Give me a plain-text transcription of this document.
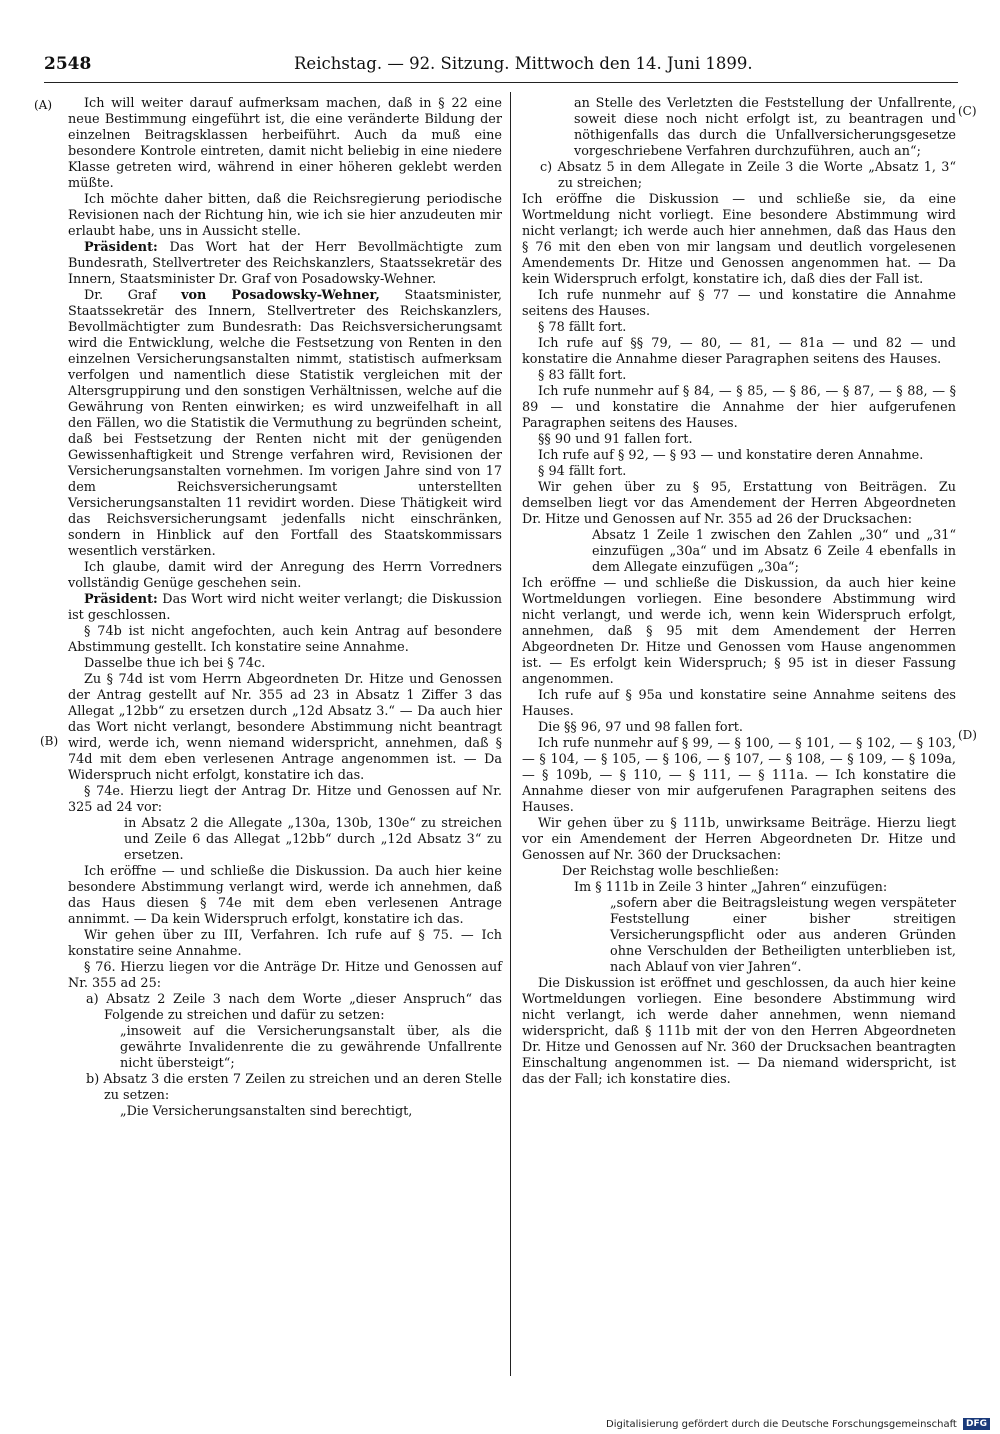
2548	Reichstag. — 92. Sitzung. Mittwoch den 14. Juni 1899.
(A)
(B)
(C)
(D)

Ich will weiter darauf aufmerksam machen, daß in § 22 eine neue Bestimmung eingeführt ist, die eine veränderte Bildung der einzelnen Beitragsklassen herbeiführt. Auch da muß eine besondere Kontrole eintreten, damit nicht beliebig in eine niedere Klasse getreten wird, während in einer höheren geklebt werden müßte.

Ich möchte daher bitten, daß die Reichsregierung periodische Revisionen nach der Richtung hin, wie ich sie hier anzudeuten mir erlaubt habe, uns in Aussicht stelle.

Präsident: Das Wort hat der Herr Bevollmächtigte zum Bundesrath, Stellvertreter des Reichskanzlers, Staatssekretär des Innern, Staatsminister Dr. Graf von Posadowsky-Wehner.

Dr. Graf von Posadowsky-Wehner, Staatsminister, Staatssekretär des Innern, Stellvertreter des Reichskanzlers, Bevollmächtigter zum Bundesrath: Das Reichsversicherungsamt wird die Entwicklung, welche die Festsetzung von Renten in den einzelnen Versicherungsanstalten nimmt, statistisch aufmerksam verfolgen und namentlich diese Statistik vergleichen mit der Altersgruppirung und den sonstigen Verhältnissen, welche auf die Gewährung von Renten einwirken; es wird unzweifelhaft in all den Fällen, wo die Statistik die Vermuthung zu begründen scheint, daß bei Festsetzung der Renten nicht mit der genügenden Gewissenhaftigkeit und Strenge verfahren wird, Revisionen der Versicherungsanstalten vornehmen. Im vorigen Jahre sind von 17 dem Reichsversicherungsamt unterstellten Versicherungsanstalten 11 revidirt worden. Diese Thätigkeit wird das Reichsversicherungsamt jedenfalls nicht einschränken, sondern in Hinblick auf den Fortfall des Staatskommissars wesentlich verstärken.

Ich glaube, damit wird der Anregung des Herrn Vorredners vollständig Genüge geschehen sein.

Präsident: Das Wort wird nicht weiter verlangt; die Diskussion ist geschlossen.

§ 74b ist nicht angefochten, auch kein Antrag auf besondere Abstimmung gestellt. Ich konstatire seine Annahme.

Dasselbe thue ich bei § 74c.

Zu § 74d ist vom Herrn Abgeordneten Dr. Hitze und Genossen der Antrag gestellt auf Nr. 355 ad 23 in Absatz 1 Ziffer 3 das Allegat „12bb“ zu ersetzen durch „12d Absatz 3.“ — Da auch hier das Wort nicht verlangt, besondere Abstimmung nicht beantragt wird, werde ich, wenn niemand widerspricht, annehmen, daß § 74d mit dem eben verlesenen Antrage angenommen ist. — Da Widerspruch nicht erfolgt, konstatire ich das.

§ 74e. Hierzu liegt der Antrag Dr. Hitze und Genossen auf Nr. 325 ad 24 vor:

in Absatz 2 die Allegate „130a, 130b, 130e“ zu streichen und Zeile 6 das Allegat „12bb“ durch „12d Absatz 3“ zu ersetzen.

Ich eröffne — und schließe die Diskussion. Da auch hier keine besondere Abstimmung verlangt wird, werde ich annehmen, daß das Haus diesen § 74e mit dem eben verlesenen Antrage annimmt. — Da kein Widerspruch erfolgt, konstatire ich das.

Wir gehen über zu III, Verfahren. Ich rufe auf § 75. — Ich konstatire seine Annahme.

§ 76. Hierzu liegen vor die Anträge Dr. Hitze und Genossen auf Nr. 355 ad 25:

a) Absatz 2 Zeile 3 nach dem Worte „dieser Anspruch“ das Folgende zu streichen und dafür zu setzen:

„insoweit auf die Versicherungsanstalt über, als die gewährte Invalidenrente die zu gewährende Unfallrente nicht übersteigt“;

b) Absatz 3 die ersten 7 Zeilen zu streichen und an deren Stelle zu setzen:

„Die Versicherungsanstalten sind berechtigt,

an Stelle des Verletzten die Feststellung der Unfallrente, soweit diese noch nicht erfolgt ist, zu beantragen und nöthigenfalls das durch die Unfallversicherungsgesetze vorgeschriebene Verfahren durchzuführen, auch an“;

c) Absatz 5 in dem Allegate in Zeile 3 die Worte „Absatz 1, 3“ zu streichen;

Ich eröffne die Diskussion — und schließe sie, da eine Wortmeldung nicht vorliegt. Eine besondere Abstimmung wird nicht verlangt; ich werde auch hier annehmen, daß das Haus den § 76 mit den eben von mir langsam und deutlich vorgelesenen Amendements Dr. Hitze und Genossen angenommen hat. — Da kein Widerspruch erfolgt, konstatire ich, daß dies der Fall ist.

Ich rufe nunmehr auf § 77 — und konstatire die Annahme seitens des Hauses.

§ 78 fällt fort.

Ich rufe auf §§ 79, — 80, — 81, — 81a — und 82 — und konstatire die Annahme dieser Paragraphen seitens des Hauses.

§ 83 fällt fort.

Ich rufe nunmehr auf § 84, — § 85, — § 86, — § 87, — § 88, — § 89 — und konstatire die Annahme der hier aufgerufenen Paragraphen seitens des Hauses.

§§ 90 und 91 fallen fort.

Ich rufe auf § 92, — § 93 — und konstatire deren Annahme.

§ 94 fällt fort.

Wir gehen über zu § 95, Erstattung von Beiträgen. Zu demselben liegt vor das Amendement der Herren Abgeordneten Dr. Hitze und Genossen auf Nr. 355 ad 26 der Drucksachen:

Absatz 1 Zeile 1 zwischen den Zahlen „30“ und „31“ einzufügen „30a“ und im Absatz 6 Zeile 4 ebenfalls in dem Allegate einzufügen „30a“;

Ich eröffne — und schließe die Diskussion, da auch hier keine Wortmeldungen vorliegen. Eine besondere Abstimmung wird nicht verlangt, und werde ich, wenn kein Widerspruch erfolgt, annehmen, daß § 95 mit dem Amendement der Herren Abgeordneten Dr. Hitze und Genossen vom Hause angenommen ist. — Es erfolgt kein Widerspruch; § 95 ist in dieser Fassung angenommen.

Ich rufe auf § 95a und konstatire seine Annahme seitens des Hauses.

Die §§ 96, 97 und 98 fallen fort.

Ich rufe nunmehr auf § 99, — § 100, — § 101, — § 102, — § 103, — § 104, — § 105, — § 106, — § 107, — § 108, — § 109, — § 109a, — § 109b, — § 110, — § 111, — § 111a. — Ich konstatire die Annahme dieser von mir aufgerufenen Paragraphen seitens des Hauses.

Wir gehen über zu § 111b, unwirksame Beiträge. Hierzu liegt vor ein Amendement der Herren Abgeordneten Dr. Hitze und Genossen auf Nr. 360 der Drucksachen:

Der Reichstag wolle beschließen:

Im § 111b in Zeile 3 hinter „Jahren“ einzufügen:

„sofern aber die Beitragsleistung wegen verspäteter Feststellung einer bisher streitigen Versicherungspflicht oder aus anderen Gründen ohne Verschulden der Betheiligten unterblieben ist, nach Ablauf von vier Jahren“.

Die Diskussion ist eröffnet und geschlossen, da auch hier keine Wortmeldungen vorliegen. Eine besondere Abstimmung wird nicht verlangt, ich werde daher annehmen, wenn niemand widerspricht, daß § 111b mit der von den Herren Abgeordneten Dr. Hitze und Genossen auf Nr. 360 der Drucksachen beantragten Einschaltung angenommen ist. — Da niemand widerspricht, ist das der Fall; ich konstatire dies.

Digitalisierung gefördert durch die Deutsche Forschungsgemeinschaft DFG
